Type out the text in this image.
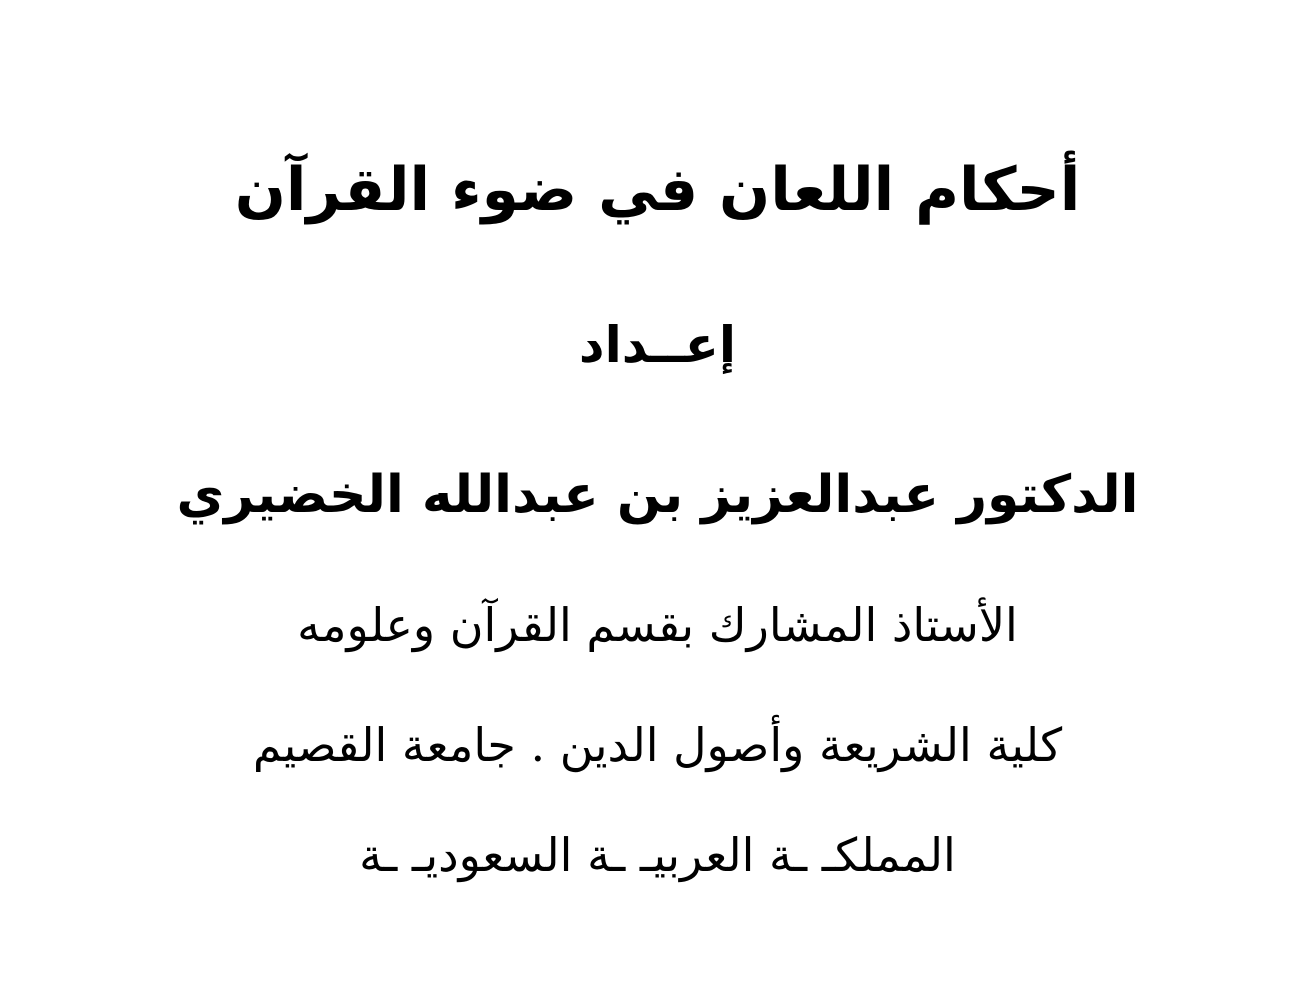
أحكام اللعان في ضوء القرآن
إعــداد
الدكتور عبدالعزيز بن عبدالله الخضيري
الأستاذ المشارك بقسم القرآن وعلومه
كلية الشريعة وأصول الدين . جامعة القصيم
المملكـ ـة العربيـ ـة السعوديـ ـة
